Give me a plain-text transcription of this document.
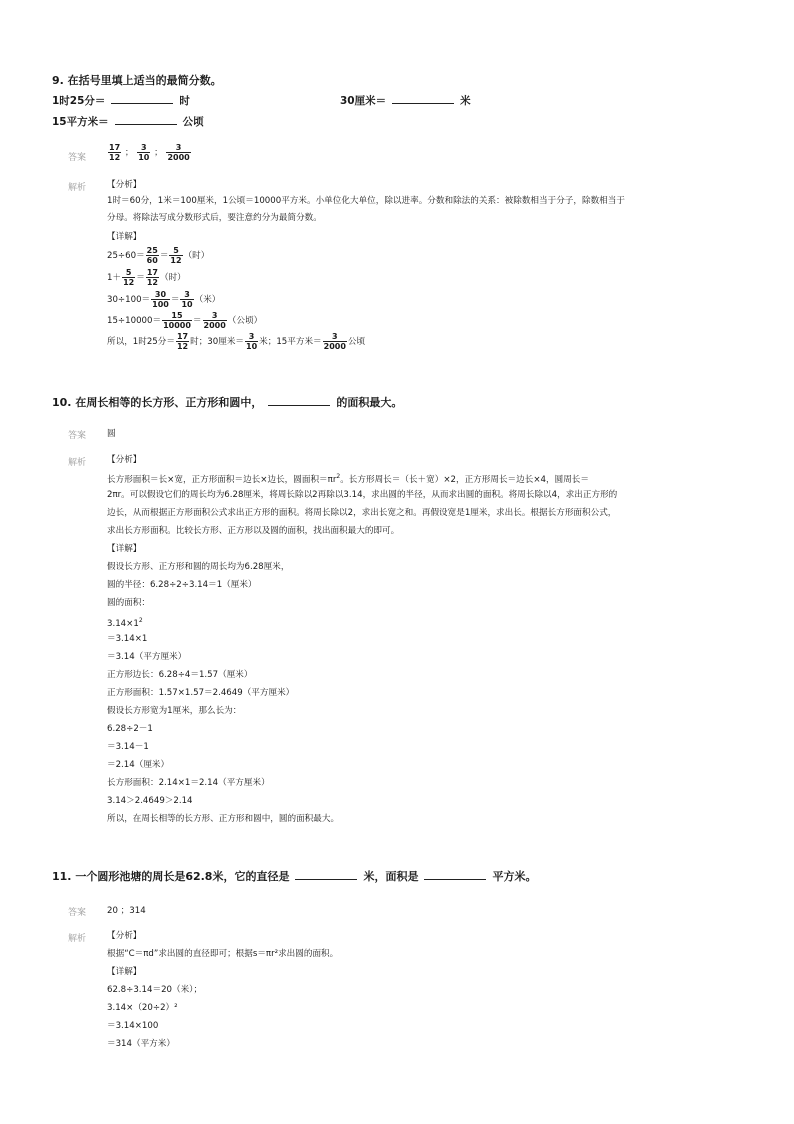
9. 在括号里填上适当的最简分数。
1时25分＝	时	30厘米＝	米
15平方米＝	公顷
答案	$\frac{17}{12}$ ； $\frac{3}{10}$ ； $\frac{3}{2000}$
解析 【分析】
1时＝60分，1米＝100厘米，1公顷＝10000平方米。小单位化大单位，除以进率。分数和除法的关系：被除数相当于分子，除数相当于
分母。将除法写成分数形式后，要注意约分为最简分数。
【详解】
$25\div 60= \frac{25}{60} = \frac{5}{12}$ （时）
$1+ \frac{5}{12} = \frac{17}{12}$ （时）
$30\div 100= \frac{30}{100} = \frac{3}{10}$ （米）
$15\div 10000= \frac{15}{10000} = \frac{3}{2000}$ （公顷）
所以，1时25分＝ $\frac{17}{12}$ 时；30厘米＝ $\frac{3}{10}$ 米；15平方米＝ $\frac{3}{2000}$ 公顷
10. 在周长相等的长方形、正方形和圆中，	的面积最大。
答案 圆
解析 【分析】
长方形面积＝长×宽，正方形面积＝边长×边长，圆面积$=\pi r^2$。长方形周长＝（长＋宽）×2，正方形周长＝边长×4，圆周长＝
2πr。可以假设它们的周长均为6.28厘米，将周长除以2再除以3.14，求出圆的半径，从而求出圆的面积。将周长除以4，求出正方形的
边长，从而根据正方形面积公式求出正方形的面积。将周长除以2，求出长宽之和。再假设宽是1厘米，求出长。根据长方形面积公式，
求出长方形面积。比较长方形、正方形以及圆的面积，找出面积最大的即可。
【详解】
假设长方形、正方形和圆的周长均为6.28厘米，
圆的半径：6.28÷2÷3.14＝1（厘米）
圆的面积：
$3.14\times 1^2$
＝3.14×1
＝3.14（平方厘米）
正方形边长：6.28÷4＝1.57（厘米）
正方形面积：1.57×1.57＝2.4649（平方厘米）
假设长方形宽为1厘米，那么长为：
6.28÷2－1
＝3.14－1
＝2.14（厘米）
长方形面积：2.14×1＝2.14（平方厘米）
3.14＞2.4649＞2.14
所以，在周长相等的长方形、正方形和圆中，圆的面积最大。
11. 一个圆形池塘的周长是62.8米，它的直径是	米，面积是	平方米。
答案 20 ；314
解析 【分析】
根据“C＝πd”求出圆的直径即可；根据s＝πr²求出圆的面积。
【详解】
62.8÷3.14＝20（米）；
3.14×（20÷2）²
＝3.14×100
＝314（平方米）
